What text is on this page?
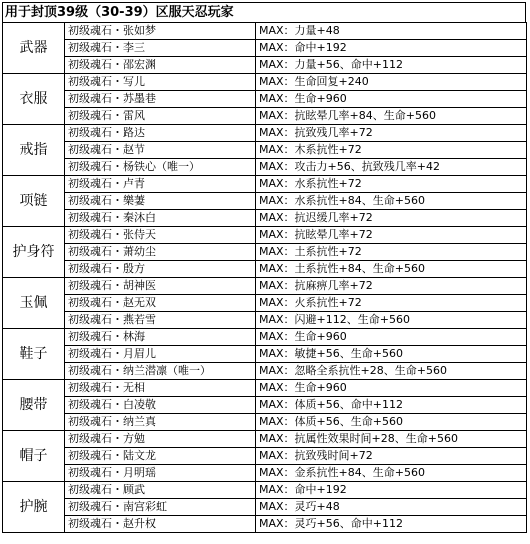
用于封顶39级（30-39）区服天忍玩家
武器	初级魂石・张如梦	MAX：力量+48
	初级魂石・李三	MAX：命中+192
	初级魂石・邵宏渊	MAX：力量+56、命中+112
衣服	初级魂石・写儿	MAX：生命回复+240
	初级魂石・苏墨巷	MAX：生命+960
	初级魂石・雷风	MAX：抗眩晕几率+84、生命+560
戒指	初级魂石・路达	MAX：抗致残几率+72
	初级魂石・赵节	MAX：木系抗性+72
	初级魂石・杨铁心（唯一）	MAX：攻击力+56、抗致残几率+42
项链	初级魂石・卢青	MAX：水系抗性+72
	初级魂石・樂萋	MAX：水系抗性+84、生命+560
	初级魂石・秦沐白	MAX：抗迟缓几率+72
护身符	初级魂石・张侍天	MAX：抗眩晕几率+72
	初级魂石・萧幼尘	MAX：土系抗性+72
	初级魂石・殷方	MAX：土系抗性+84、生命+560
玉佩	初级魂石・胡神医	MAX：抗麻痹几率+72
	初级魂石・赵无双	MAX：火系抗性+72
	初级魂石・燕若雪	MAX：闪避+112、生命+560
鞋子	初级魂石・林海	MAX：生命+960
	初级魂石・月眉儿	MAX：敏捷+56、生命+560
	初级魂石・纳兰潜凛（唯一）	MAX：忽略全系抗性+28、生命+560
腰带	初级魂石・无相	MAX：生命+960
	初级魂石・白凌敬	MAX：体质+56、命中+112
	初级魂石・纳兰真	MAX：体质+56、生命+560
帽子	初级魂石・方勉	MAX：抗属性效果时间+28、生命+560
	初级魂石・陆文龙	MAX：抗致残时间+72
	初级魂石・月明瑶	MAX：金系抗性+84、生命+560
护腕	初级魂石・顾武	MAX：命中+192
	初级魂石・南宫彩虹	MAX：灵巧+48
	初级魂石・赵升权	MAX：灵巧+56、命中+112
